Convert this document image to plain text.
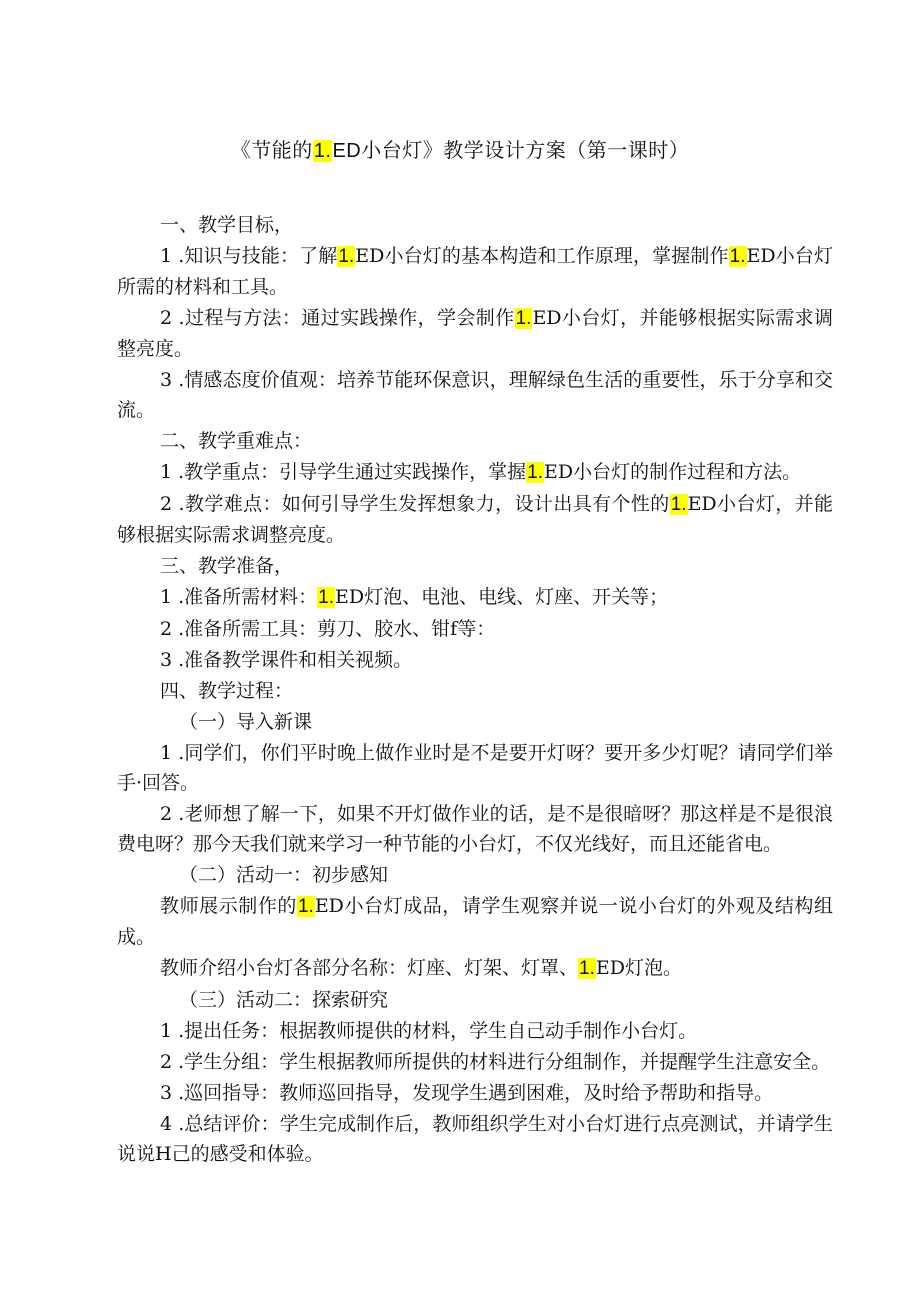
《节能的1.ED小台灯》教学设计方案（第一课时）

一、教学目标，

1 .知识与技能：了解1.ED小台灯的基本构造和工作原理，掌握制作1.ED小台灯所需的材料和工具。

2 .过程与方法：通过实践操作，学会制作1.ED小台灯，并能够根据实际需求调整亮度。

3 .情感态度价值观：培养节能环保意识，理解绿色生活的重要性，乐于分享和交流。

二、教学重难点：

1 .教学重点：引导学生通过实践操作，掌握1.ED小台灯的制作过程和方法。

2 .教学难点：如何引导学生发挥想象力，设计出具有个性的1.ED小台灯，并能够根据实际需求调整亮度。

三、教学准备，

1 .准备所需材料：1.ED灯泡、电池、电线、灯座、开关等；

2 .准备所需工具：剪刀、胶水、钳f等：

3 .准备教学课件和相关视频。

四、教学过程：

（一）导入新课

1 .同学们，你们平时晚上做作业时是不是要开灯呀？要开多少灯呢？请同学们举手·回答。

2 .老师想了解一下，如果不开灯做作业的话，是不是很暗呀？那这样是不是很浪费电呀？那今天我们就来学习一种节能的小台灯，不仅光线好，而且还能省电。

（二）活动一：初步感知

教师展示制作的1.ED小台灯成品，请学生观察并说一说小台灯的外观及结构组成。

教师介绍小台灯各部分名称：灯座、灯架、灯罩、1.ED灯泡。

（三）活动二：探索研究

1 .提出任务：根据教师提供的材料，学生自己动手制作小台灯。

2 .学生分组：学生根据教师所提供的材料进行分组制作，并提醒学生注意安全。

3 .巡回指导：教师巡回指导，发现学生遇到困难，及时给予帮助和指导。

4 .总结评价：学生完成制作后，教师组织学生对小台灯进行点亮测试，并请学生说说H己的感受和体验。
